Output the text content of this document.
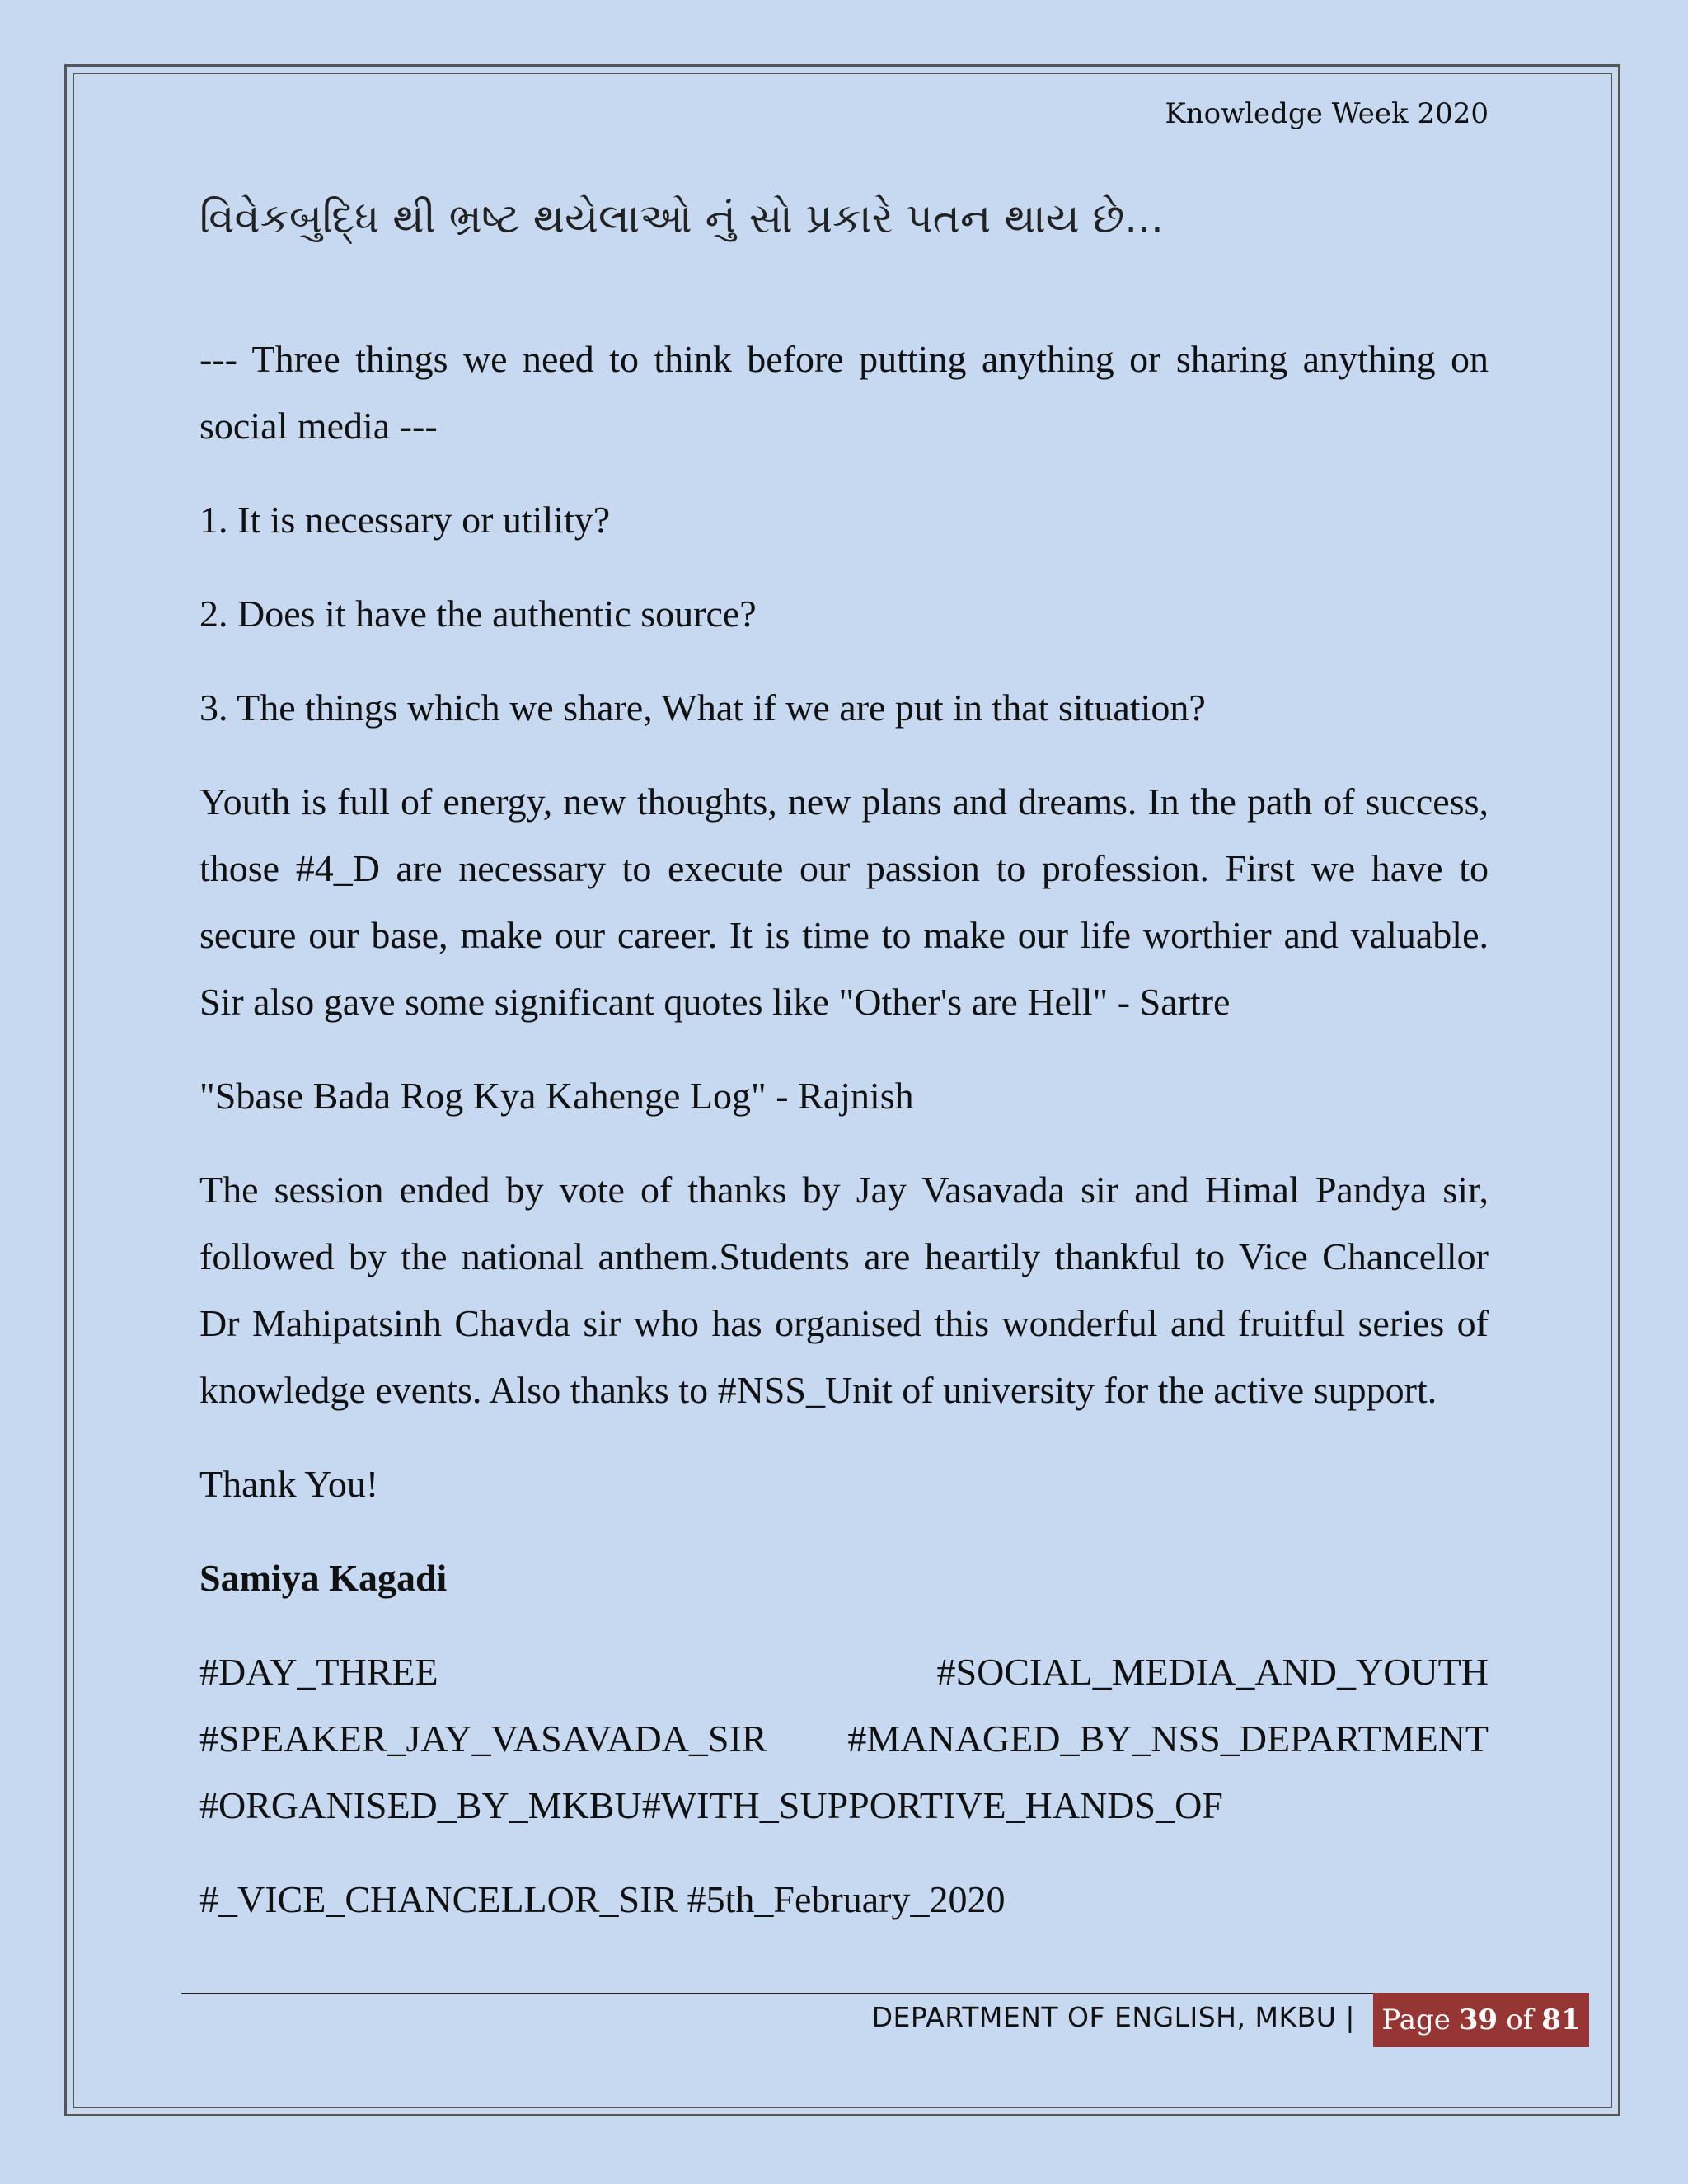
Knowledge Week 2020
વિવેકબુદ્ધિ થી ભ્રષ્ટ થયેલાઓ નું સો પ્રકારે પતન થાય છે...

--- Three things we need to think before putting anything or sharing anything on social media ---

1. It is necessary or utility?

2. Does it have the authentic source?

3. The things which we share, What if we are put in that situation?

Youth is full of energy, new thoughts, new plans and dreams. In the path of success, those #4_D are necessary to execute our passion to profession. First we have to secure our base, make our career. It is time to make our life worthier and valuable. Sir also gave some significant quotes like "Other's are Hell" - Sartre

"Sbase Bada Rog Kya Kahenge Log" - Rajnish

The session ended by vote of thanks by Jay Vasavada sir and Himal Pandya sir, followed by the national anthem.Students are heartily thankful to Vice Chancellor Dr Mahipatsinh Chavda sir who has organised this wonderful and fruitful series of knowledge events. Also thanks to #NSS_Unit of university for the active support.

Thank You!

Samiya Kagadi

#DAY_THREE	#SOCIAL_MEDIA_AND_YOUTH
#SPEAKER_JAY_VASAVADA_SIR #MANAGED_BY_NSS_DEPARTMENT
#ORGANISED_BY_MKBU#WITH_SUPPORTIVE_HANDS_OF

#_VICE_CHANCELLOR_SIR #5th_February_2020

DEPARTMENT OF ENGLISH, MKBU | Page 39 of 81
